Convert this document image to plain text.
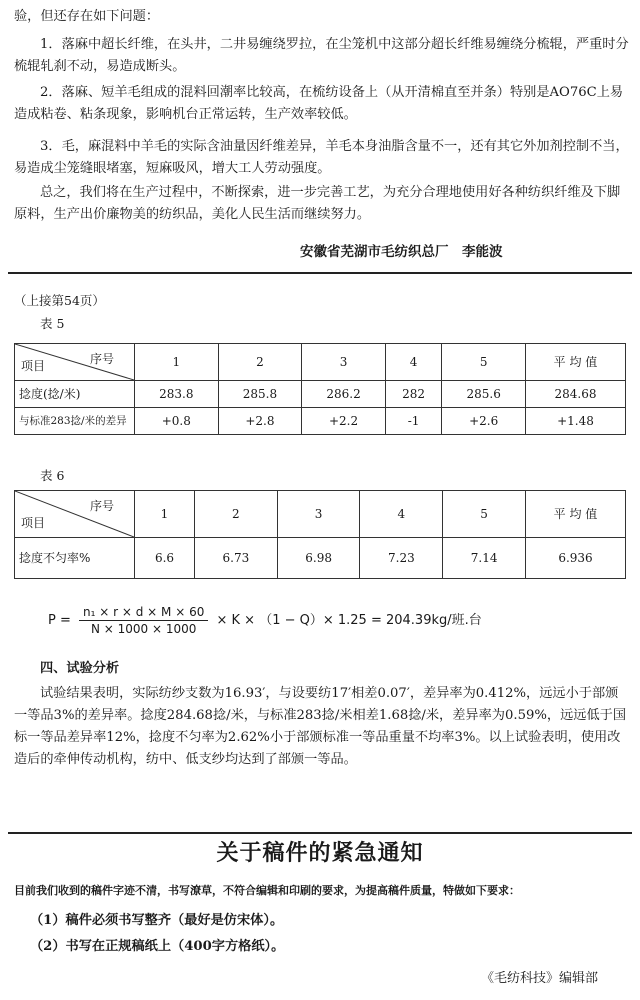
验，但还存在如下问题：

1．落麻中超长纤维，在头井，二井易缠绕罗拉，在尘笼机中这部分超长纤维易缠绕分梳辊，严重时分梳辊轧刹不动，易造成断头。

2．落麻、短羊毛组成的混料回潮率比较高，在梳纺设备上（从开清棉直至并条）特别是AO76C上易造成粘卷、粘条现象，影响机台正常运转，生产效率较低。

3．毛，麻混料中羊毛的实际含油量因纤维差异，羊毛本身油脂含量不一，还有其它外加剂控制不当，易造成尘笼缝眼堵塞，短麻吸风，增大工人劳动强度。

总之，我们将在生产过程中，不断探索，进一步完善工艺，为充分合理地使用好各种纺织纤维及下脚原料，生产出价廉物美的纺织品，美化人民生活而继续努力。

安徽省芜湖市毛纺织总厂　李能波
（上接第54页）
表 5
序号
项目	1	2	3	4	5	平 均 值
捻度(捻/米)	283.8	285.8	286.2	282	285.6	284.68
与标准283捻/米的差异	+0.8	+2.8	+2.2	-1	+2.6	+1.48
表 6
序号
项目	1	2	3	4	5	平 均 值
捻度不匀率%	6.6	6.73	6.98	7.23	7.14	6.936
$P = \frac{\text{n₁ × r × d × M × 60}}{N \times 1000 \times 1000} \times K \times (1 - Q)\times 1.25 = 204.39kg/$班.台
四、试验分析

试验结果表明，实际纺纱支数为16.93′，与设要纺17′相差0.07′，差异率为0.412%，远远小于部颁一等品3%的差异率。捻度284.68捻/米，与标准283捻/米相差1.68捻/米，差异率为0.59%，远远低于国标一等品差异率12%，捻度不匀率为2.62%小于部颁标准一等品重量不均率3%。以上试验表明，使用改造后的牵伸传动机构，纺中、低支纱均达到了部颁一等品。

关于稿件的紧急通知

目前我们收到的稿件字迹不清，书写潦草，不符合编辑和印刷的要求，为提高稿件质量，特做如下要求：

（1）稿件必须书写整齐（最好是仿宋体）。
（2）书写在正规稿纸上（400字方格纸）。
《毛纺科技》编辑部
